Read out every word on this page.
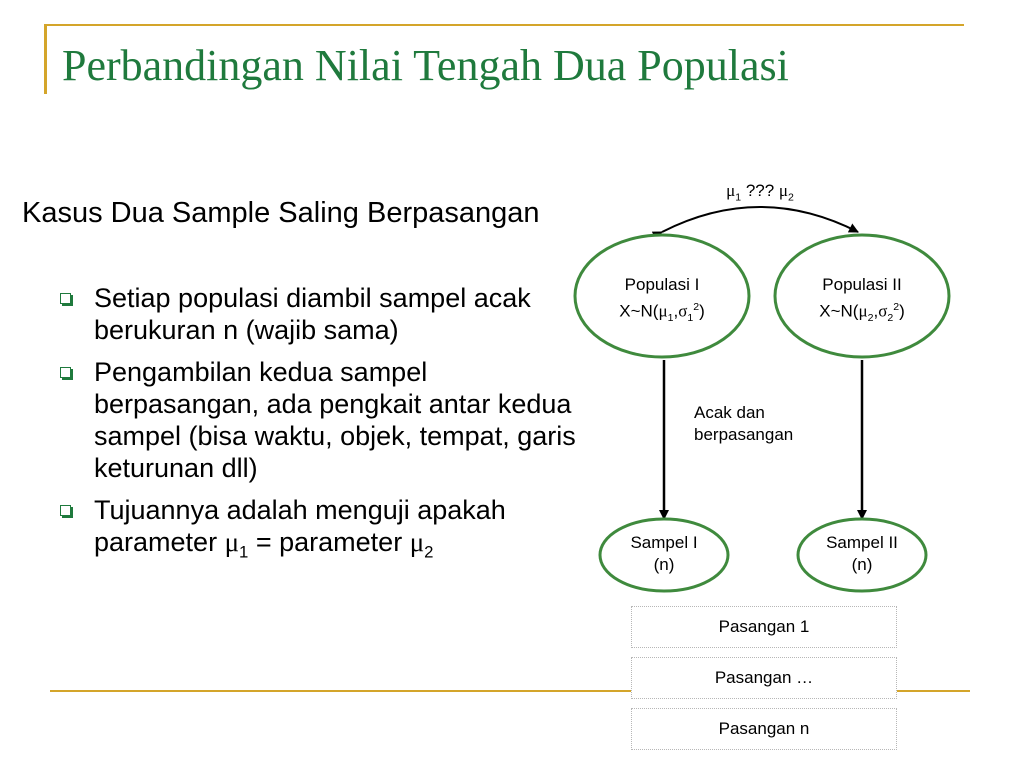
Perbandingan Nilai Tengah Dua Populasi
Kasus Dua Sample Saling Berpasangan
Setiap populasi diambil sampel acak berukuran n (wajib sama)
Pengambilan kedua sampel berpasangan, ada pengkait antar kedua sampel (bisa waktu, objek, tempat, garis keturunan dll)
Tujuannya adalah menguji apakah parameter $\mu_1$ = parameter $\mu_2$
$\mu_1$ ??? $\mu_2$
Populasi I
$X\sim N(\mu_1,\sigma_1^2)$
Populasi II
$X\sim N(\mu_2,\sigma_2^2)$
Acak dan
berpasangan
Sampel I
(n)
Sampel II
(n)
Pasangan 1
Pasangan …
Pasangan n
